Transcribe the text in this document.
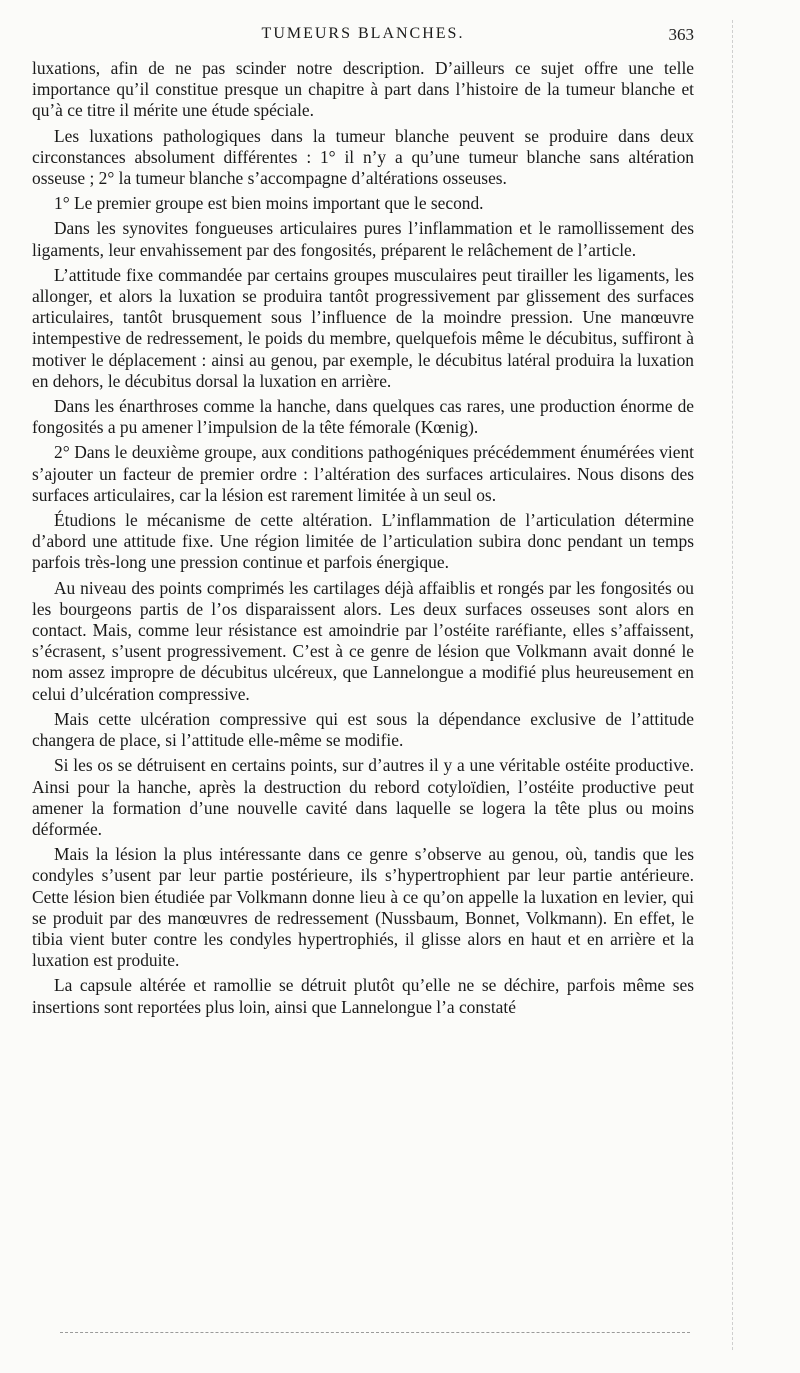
TUMEURS BLANCHES.	363

luxations, afin de ne pas scinder notre description. D’ailleurs ce sujet offre une telle importance qu’il constitue presque un chapitre à part dans l’histoire de la tumeur blanche et qu’à ce titre il mérite une étude spéciale.

Les luxations pathologiques dans la tumeur blanche peuvent se produire dans deux circonstances absolument différentes : 1° il n’y a qu’une tumeur blanche sans altération osseuse ; 2° la tumeur blanche s’accompagne d’altérations osseuses.

1° Le premier groupe est bien moins important que le second.

Dans les synovites fongueuses articulaires pures l’inflammation et le ramollissement des ligaments, leur envahissement par des fongosités, préparent le relâchement de l’article.

L’attitude fixe commandée par certains groupes musculaires peut tirailler les ligaments, les allonger, et alors la luxation se produira tantôt progressivement par glissement des surfaces articulaires, tantôt brusquement sous l’influence de la moindre pression. Une manœuvre intempestive de redressement, le poids du membre, quelquefois même le décubitus, suffiront à motiver le déplacement : ainsi au genou, par exemple, le décubitus latéral produira la luxation en dehors, le décubitus dorsal la luxation en arrière.

Dans les énarthroses comme la hanche, dans quelques cas rares, une production énorme de fongosités a pu amener l’impulsion de la tête fémorale (Kœnig).

2° Dans le deuxième groupe, aux conditions pathogéniques précédemment énumérées vient s’ajouter un facteur de premier ordre : l’altération des surfaces articulaires. Nous disons des surfaces articulaires, car la lésion est rarement limitée à un seul os.

Étudions le mécanisme de cette altération. L’inflammation de l’articulation détermine d’abord une attitude fixe. Une région limitée de l’articulation subira donc pendant un temps parfois très-long une pression continue et parfois énergique.

Au niveau des points comprimés les cartilages déjà affaiblis et rongés par les fongosités ou les bourgeons partis de l’os disparaissent alors. Les deux surfaces osseuses sont alors en contact. Mais, comme leur résistance est amoindrie par l’ostéite raréfiante, elles s’affaissent, s’écrasent, s’usent progressivement. C’est à ce genre de lésion que Volkmann avait donné le nom assez impropre de décubitus ulcéreux, que Lannelongue a modifié plus heureusement en celui d’ulcération compressive.

Mais cette ulcération compressive qui est sous la dépendance exclusive de l’attitude changera de place, si l’attitude elle-même se modifie.

Si les os se détruisent en certains points, sur d’autres il y a une véritable ostéite productive. Ainsi pour la hanche, après la destruction du rebord cotyloïdien, l’ostéite productive peut amener la formation d’une nouvelle cavité dans laquelle se logera la tête plus ou moins déformée.

Mais la lésion la plus intéressante dans ce genre s’observe au genou, où, tandis que les condyles s’usent par leur partie postérieure, ils s’hypertrophient par leur partie antérieure. Cette lésion bien étudiée par Volkmann donne lieu à ce qu’on appelle la luxation en levier, qui se produit par des manœuvres de redressement (Nussbaum, Bonnet, Volkmann). En effet, le tibia vient buter contre les condyles hypertrophiés, il glisse alors en haut et en arrière et la luxation est produite.

La capsule altérée et ramollie se détruit plutôt qu’elle ne se déchire, parfois même ses insertions sont reportées plus loin, ainsi que Lannelongue l’a constaté
